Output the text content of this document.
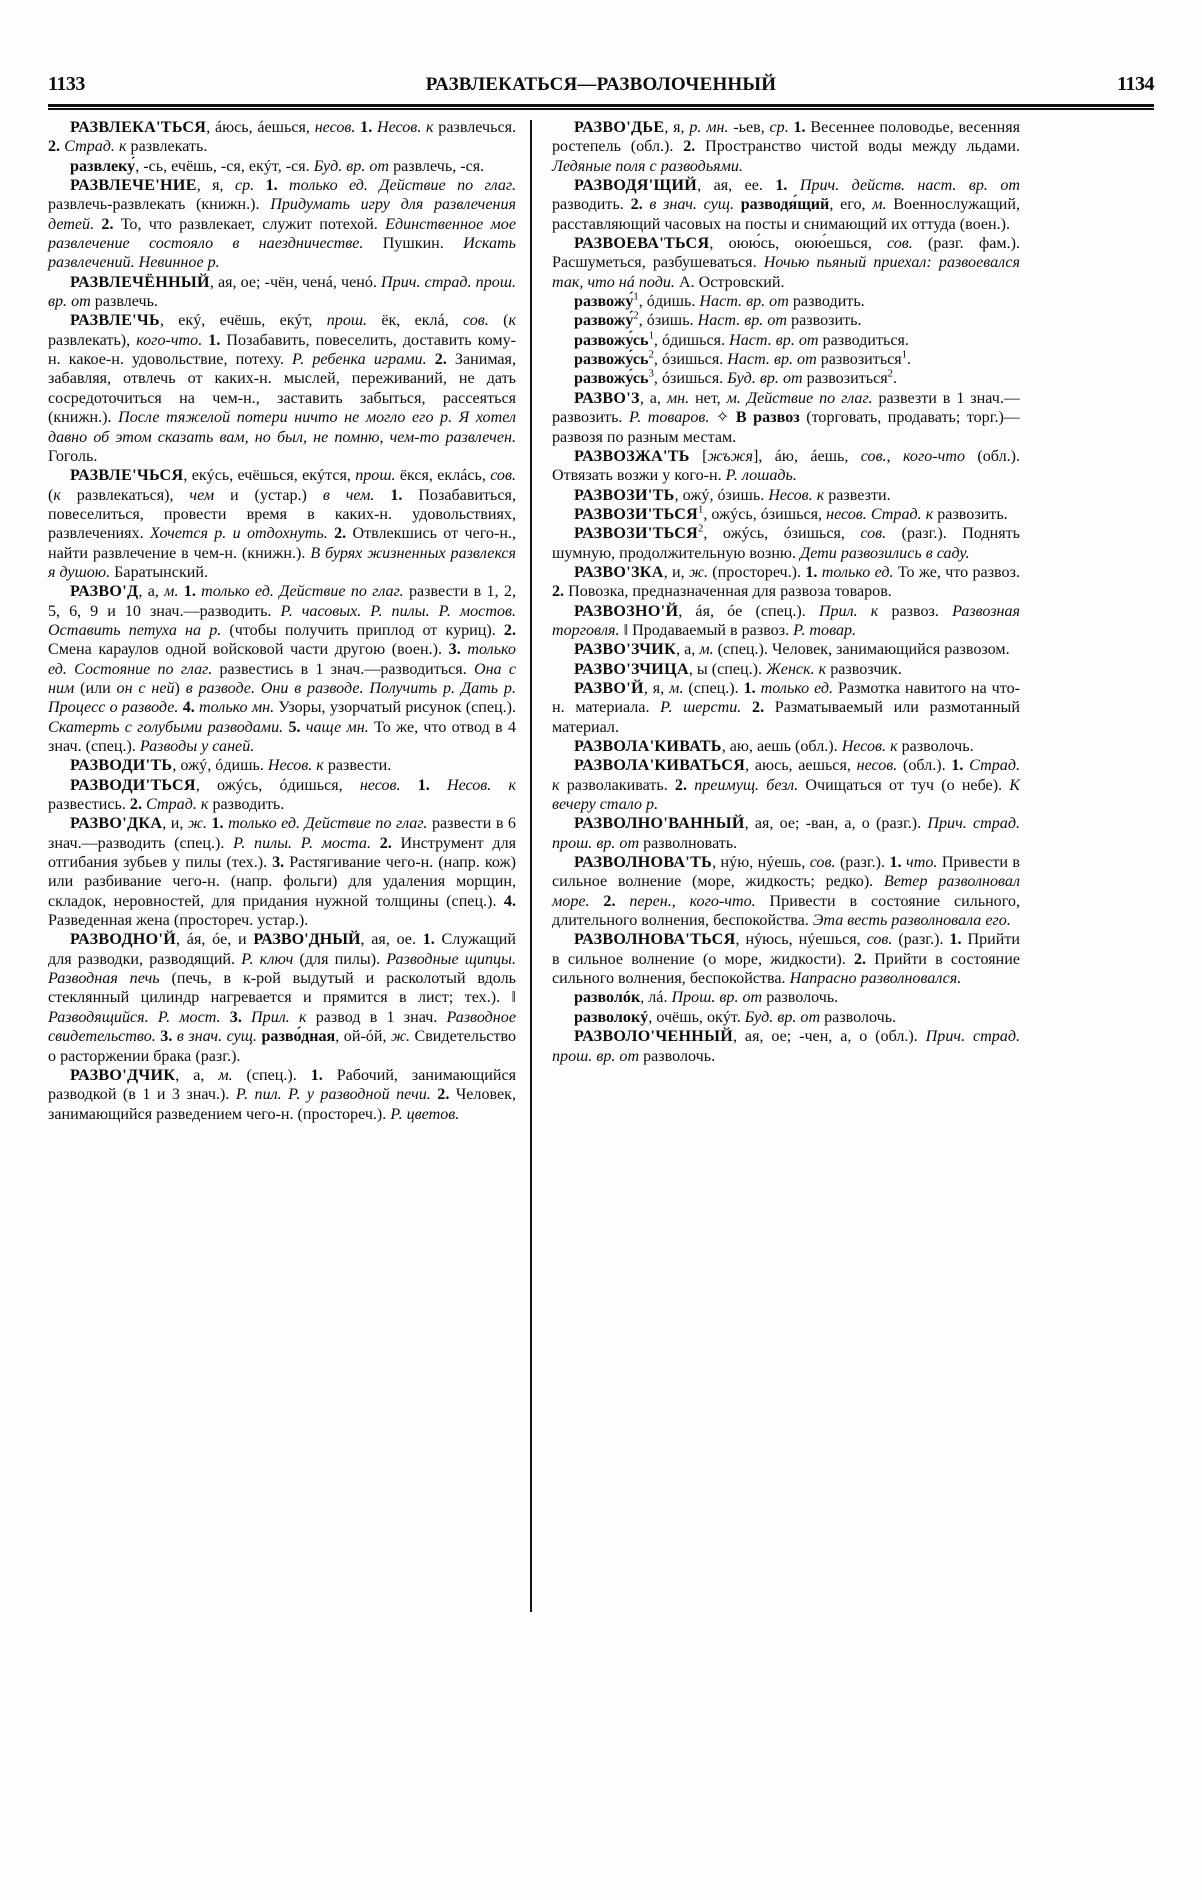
1133	РАЗВЛЕКАТЬСЯ—РАЗВОЛОЧЕННЫЙ	1134

РАЗВЛЕКА'ТЬСЯ, áюсь, áешься, несов. 1. Несов. к развлечься. 2. Страд. к развлекать.

развлеку́, -сь, ечёшь, -ся, екýт, -ся. Буд. вр. от развлечь, -ся.

РАЗВЛЕЧЕ'НИЕ, я, ср. 1. только ед. Действие по глаг. развлечь-развлекать (книжн.). Придумать игру для развлечения детей. 2. То, что развлекает, служит потехой. Единственное мое развлечение состояло в наездничестве. Пушкин. Искать развлечений. Невинное р.

РАЗВЛЕЧЁННЫЙ, ая, ое; -чён, ченá, ченó. Прич. страд. прош. вр. от развлечь.

РАЗВЛЕ'ЧЬ, екý, ечёшь, екýт, прош. ёк, еклá, сов. (к развлекать), кого-что. 1. Позабавить, повеселить, доставить кому-н. какое-н. удовольствие, потеху. Р. ребенка играми. 2. Занимая, забавляя, отвлечь от каких-н. мыслей, переживаний, не дать сосредоточиться на чем-н., заставить забыться, рассеяться (книжн.). После тяжелой потери ничто не могло его р. Я хотел давно об этом сказать вам, но был, не помню, чем-то развлечен. Гоголь.

РАЗВЛЕ'ЧЬСЯ, екýсь, ечёшься, екýтся, прош. ёкся, еклáсь, сов. (к развлекаться), чем и (устар.) в чем. 1. Позабавиться, повеселиться, провести время в каких-н. удовольствиях, развлечениях. Хочется р. и отдохнуть. 2. Отвлекшись от чего-н., найти развлечение в чем-н. (книжн.). В бурях жизненных развлекся я душою. Баратынский.

РАЗВО'Д, а, м. 1. только ед. Действие по глаг. развести в 1, 2, 5, 6, 9 и 10 знач.—разводить. Р. часовых. Р. пилы. Р. мостов. Оставить петуха на р. (чтобы получить приплод от куриц). 2. Смена караулов одной войсковой части другою (воен.). 3. только ед. Состояние по глаг. развестись в 1 знач.—разводиться. Она с ним (или он с ней) в разводе. Они в разводе. Получить р. Дать р. Процесс о разводе. 4. только мн. Узоры, узорчатый рисунок (спец.). Скатерть с голубыми разводами. 5. чаще мн. То же, что отвод в 4 знач. (спец.). Разводы у саней.

РАЗВОДИ'ТЬ, ожý, óдишь. Несов. к развести.

РАЗВОДИ'ТЬСЯ, ожýсь, óдишься, несов. 1. Несов. к развестись. 2. Страд. к разводить.

РАЗВО'ДКА, и, ж. 1. только ед. Действие по глаг. развести в 6 знач.—разводить (спец.). Р. пилы. Р. моста. 2. Инструмент для отгибания зубьев у пилы (тех.). 3. Растягивание чего-н. (напр. кож) или разбивание чего-н. (напр. фольги) для удаления морщин, складок, неровностей, для придания нужной толщины (спец.). 4. Разведенная жена (простореч. устар.).

РАЗВОДНО'Й, áя, óе, и РАЗВО'ДНЫЙ, ая, ое. 1. Служащий для разводки, разводящий. Р. ключ (для пилы). Разводные щипцы. Разводная печь (печь, в к-рой выдутый и расколотый вдоль стеклянный цилиндр нагревается и прямится в лист; тех.). ‖ Разводящийся. Р. мост. 3. Прил. к развод в 1 знач. Разводное свидетельство. 3. в знач. сущ. разво́дная, ой-óй, ж. Свидетельство о расторжении брака (разг.).

РАЗВО'ДЧИК, а, м. (спец.). 1. Рабочий, занимающийся разводкой (в 1 и 3 знач.). Р. пил. Р. у разводной печи. 2. Человек, занимающийся разведением чего-н. (простореч.). Р. цветов.

РАЗВО'ДЬЕ, я, р. мн. -ьев, ср. 1. Весеннее половодье, весенняя ростепель (обл.). 2. Пространство чистой воды между льдами. Ледяные поля с разводьями.

РАЗВОДЯ'ЩИЙ, ая, ее. 1. Прич. действ. наст. вр. от разводить. 2. в знач. сущ. разводя́щий, его, м. Военнослужащий, расставляющий часовых на посты и снимающий их оттуда (воен.).

РАЗВОЕВА'ТЬСЯ, оюю́сь, оюю́ешься, сов. (разг. фам.). Расшуметься, разбушеваться. Ночью пьяный приехал: развоевался так, что нá поди. А. Островский.

развожу́$^1$, óдишь. Наст. вр. от разводить.

развожу́$^2$, óзишь. Наст. вр. от развозить.

$развожу́сь^1$, óдишься. Наст. вр. от разводиться.

$развожу́сь^2$, óзишься. Наст. вр. от развозиться$^1$.

$развожу́сь^3$, óзишься. Буд. вр. от развозиться$^2$.

РАЗВО'З, а, мн. нет, м. Действие по глаг. развезти в 1 знач.—развозить. Р. товаров. ✧ В развоз (торговать, продавать; торг.)—развозя по разным местам.

РАЗВОЗЖА'ТЬ [жъжя], áю, áешь, сов., кого-что (обл.). Отвязать возжи у кого-н. Р. лошадь.

РАЗВОЗИ'ТЬ, ожý, óзишь. Несов. к развезти.

РАЗВОЗИ'ТЬСЯ$^1$, ожýсь, óзишься, несов. Страд. к развозить.

РАЗВОЗИ'ТЬСЯ$^2$, ожýсь, óзишься, сов. (разг.). Поднять шумную, продолжительную возню. Дети развозились в саду.

РАЗВО'ЗКА, и, ж. (простореч.). 1. только ед. То же, что развоз. 2. Повозка, предназначенная для развоза товаров.

РАЗВОЗНО'Й, áя, óе (спец.). Прил. к развоз. Развозная торговля. ‖ Продаваемый в развоз. Р. товар.

РАЗВО'ЗЧИК, а, м. (спец.). Человек, занимающийся развозом.

РАЗВО'ЗЧИЦА, ы (спец.). Женск. к развозчик.

РАЗВО'Й, я, м. (спец.). 1. только ед. Размотка навитого на что-н. материала. Р. шерсти. 2. Разматываемый или размотанный материал.

РАЗВОЛА'КИВАТЬ, аю, аешь (обл.). Несов. к разволочь.

РАЗВОЛА'КИВАТЬСЯ, аюсь, аешься, несов. (обл.). 1. Страд. к разволакивать. 2. преимущ. безл. Очищаться от туч (о небе). К вечеру стало р.

РАЗВОЛНО'ВАННЫЙ, ая, ое; -ван, а, о (разг.). Прич. страд. прош. вр. от разволновать.

РАЗВОЛНОВА'ТЬ, нýю, нýешь, сов. (разг.). 1. что. Привести в сильное волнение (море, жидкость; редко). Ветер разволновал море. 2. перен., кого-что. Привести в состояние сильного, длительного волнения, беспокойства. Эта весть разволновала его.

РАЗВОЛНОВА'ТЬСЯ, нýюсь, нýешься, сов. (разг.). 1. Прийти в сильное волнение (о море, жидкости). 2. Прийти в состояние сильного волнения, беспокойства. Напрасно разволновался.

разволóк, лá. Прош. вр. от разволочь.

разволокý, очёшь, окýт. Буд. вр. от разволочь.

РАЗВОЛО'ЧЕННЫЙ, ая, ое; -чен, а, о (обл.). Прич. страд. прош. вр. от разволочь.
